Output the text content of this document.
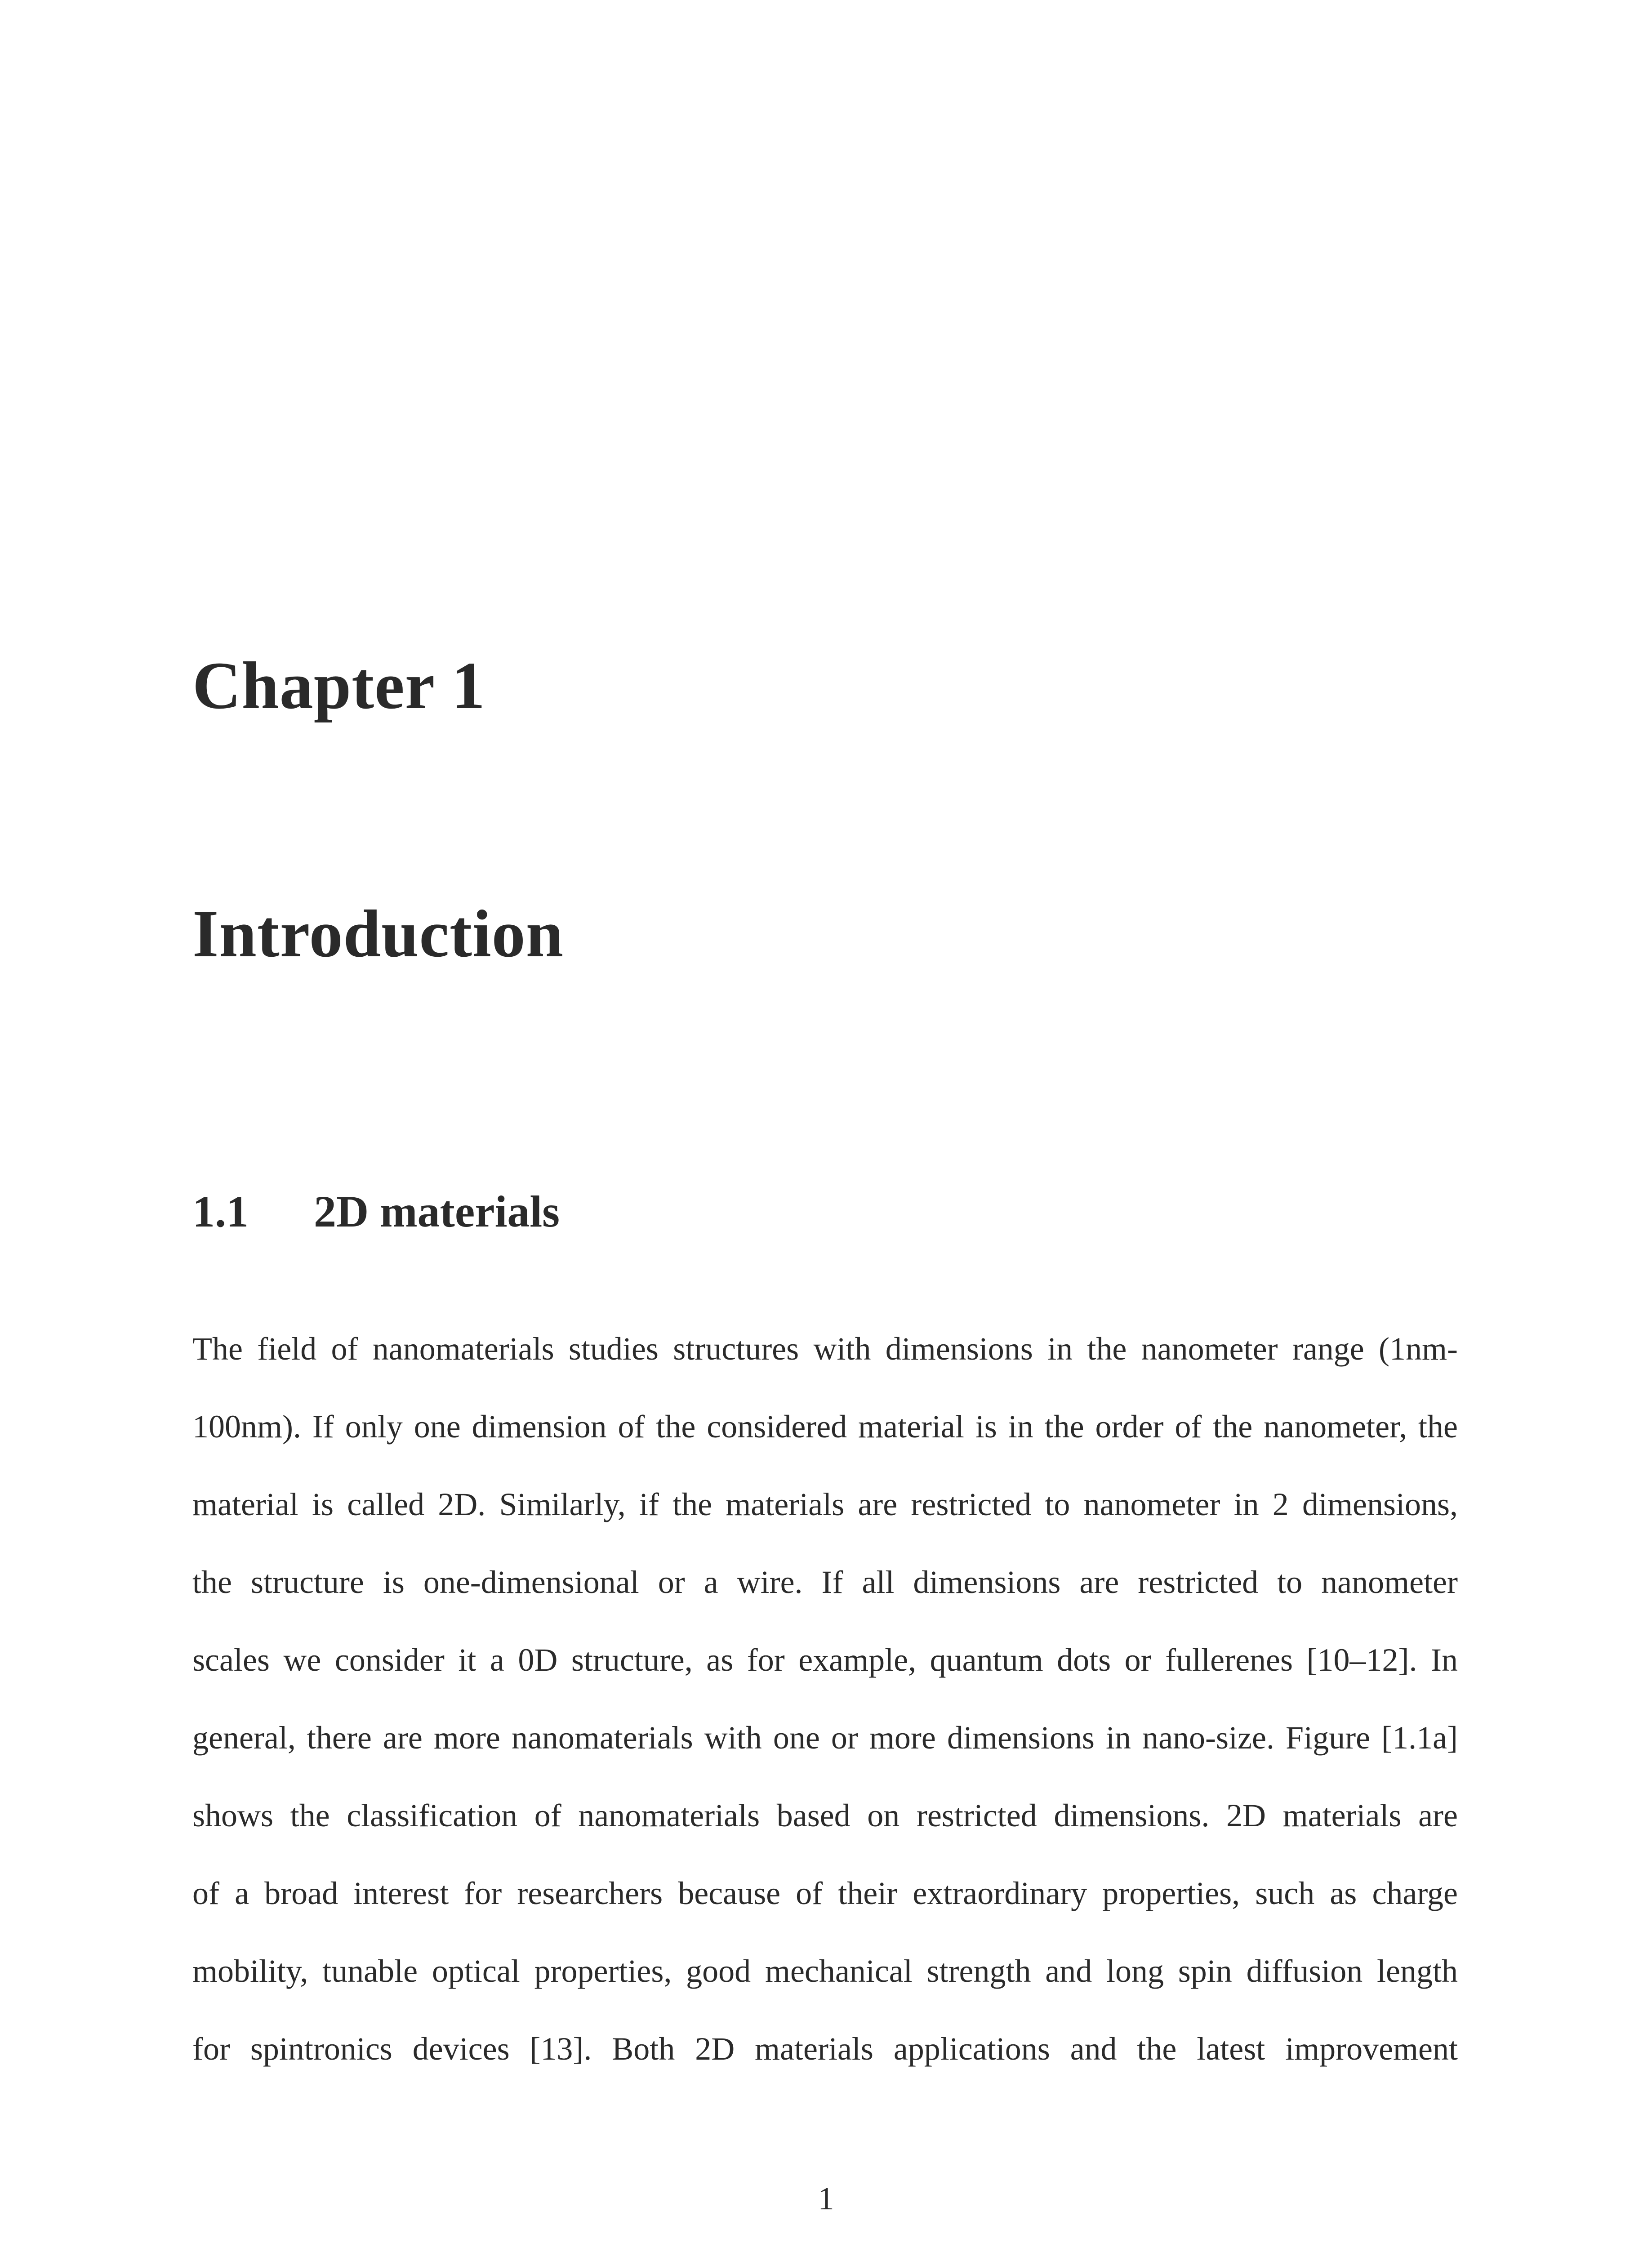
Chapter 1
Introduction
1.1 2D materials
The field of nanomaterials studies structures with dimensions in the nanometer range (1nm-
100nm). If only one dimension of the considered material is in the order of the nanometer, the
material is called 2D. Similarly, if the materials are restricted to nanometer in 2 dimensions,
the structure is one-dimensional or a wire. If all dimensions are restricted to nanometer
scales we consider it a 0D structure, as for example, quantum dots or fullerenes [10–12]. In
general, there are more nanomaterials with one or more dimensions in nano-size. Figure [1.1a]
shows the classification of nanomaterials based on restricted dimensions. 2D materials are
of a broad interest for researchers because of their extraordinary properties, such as charge
mobility, tunable optical properties, good mechanical strength and long spin diffusion length
for spintronics devices [13]. Both 2D materials applications and the latest improvement
1
